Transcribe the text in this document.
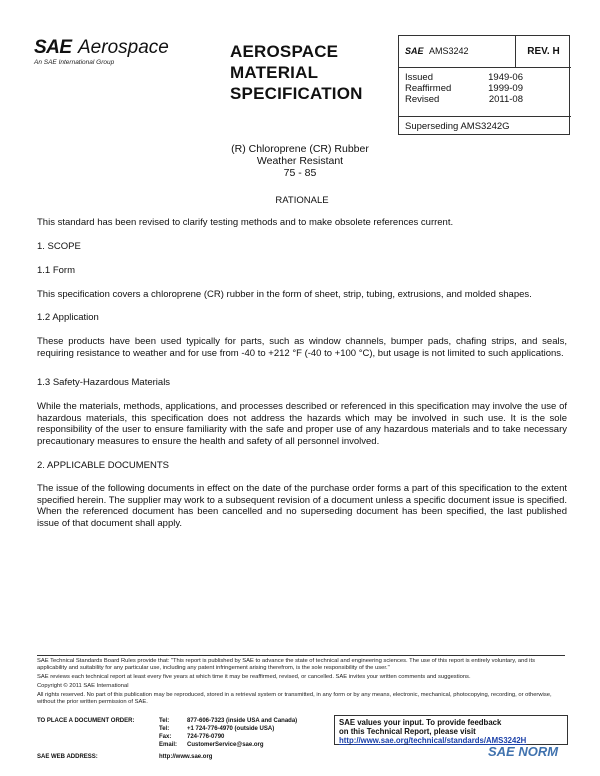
SAE Aerospace
An SAE International Group
AEROSPACE
MATERIAL
SPECIFICATION
SAE AMS3242	REV. H
Issued	1949-06
Reaffirmed	1999-09
Revised	2011-08
Superseding AMS3242G
(R) Chloroprene (CR) Rubber
Weather Resistant
75 - 85
RATIONALE
This standard has been revised to clarify testing methods and to make obsolete references current.
1. SCOPE
1.1 Form
This specification covers a chloroprene (CR) rubber in the form of sheet, strip, tubing, extrusions, and molded shapes.
1.2 Application
These products have been used typically for parts, such as window channels, bumper pads, chafing strips, and seals, requiring resistance to weather and for use from -40 to +212 °F (-40 to +100 °C), but usage is not limited to such applications.
1.3 Safety-Hazardous Materials
While the materials, methods, applications, and processes described or referenced in this specification may involve the use of hazardous materials, this specification does not address the hazards which may be involved in such use. It is the sole responsibility of the user to ensure familiarity with the safe and proper use of any hazardous materials and to take necessary precautionary measures to ensure the health and safety of all personnel involved.
2. APPLICABLE DOCUMENTS
The issue of the following documents in effect on the date of the purchase order forms a part of this specification to the extent specified herein. The supplier may work to a subsequent revision of a document unless a specific document issue is specified. When the referenced document has been cancelled and no superseding document has been specified, the last published issue of that document shall apply.
SAE Technical Standards Board Rules provide that: "This report is published by SAE to advance the state of technical and engineering sciences. The use of this report is entirely voluntary, and its applicability and suitability for any particular use, including any patent infringement arising therefrom, is the sole responsibility of the user."
SAE reviews each technical report at least every five years at which time it may be reaffirmed, revised, or cancelled. SAE invites your written comments and suggestions.
Copyright © 2011 SAE International
All rights reserved. No part of this publication may be reproduced, stored in a retrieval system or transmitted, in any form or by any means, electronic, mechanical, photocopying, recording, or otherwise, without the prior written permission of SAE.
TO PLACE A DOCUMENT ORDER:	Tel:	877-606-7323 (inside USA and Canada)
Tel:	+1 724-776-4970 (outside USA)
Fax:	724-776-0790
Email: CustomerService@sae.org
SAE values your input. To provide feedback
on this Technical Report, please visit
http://www.sae.org/technical/standards/AMS3242H
SAE WEB ADDRESS:	http://www.sae.org	SAE NORM
